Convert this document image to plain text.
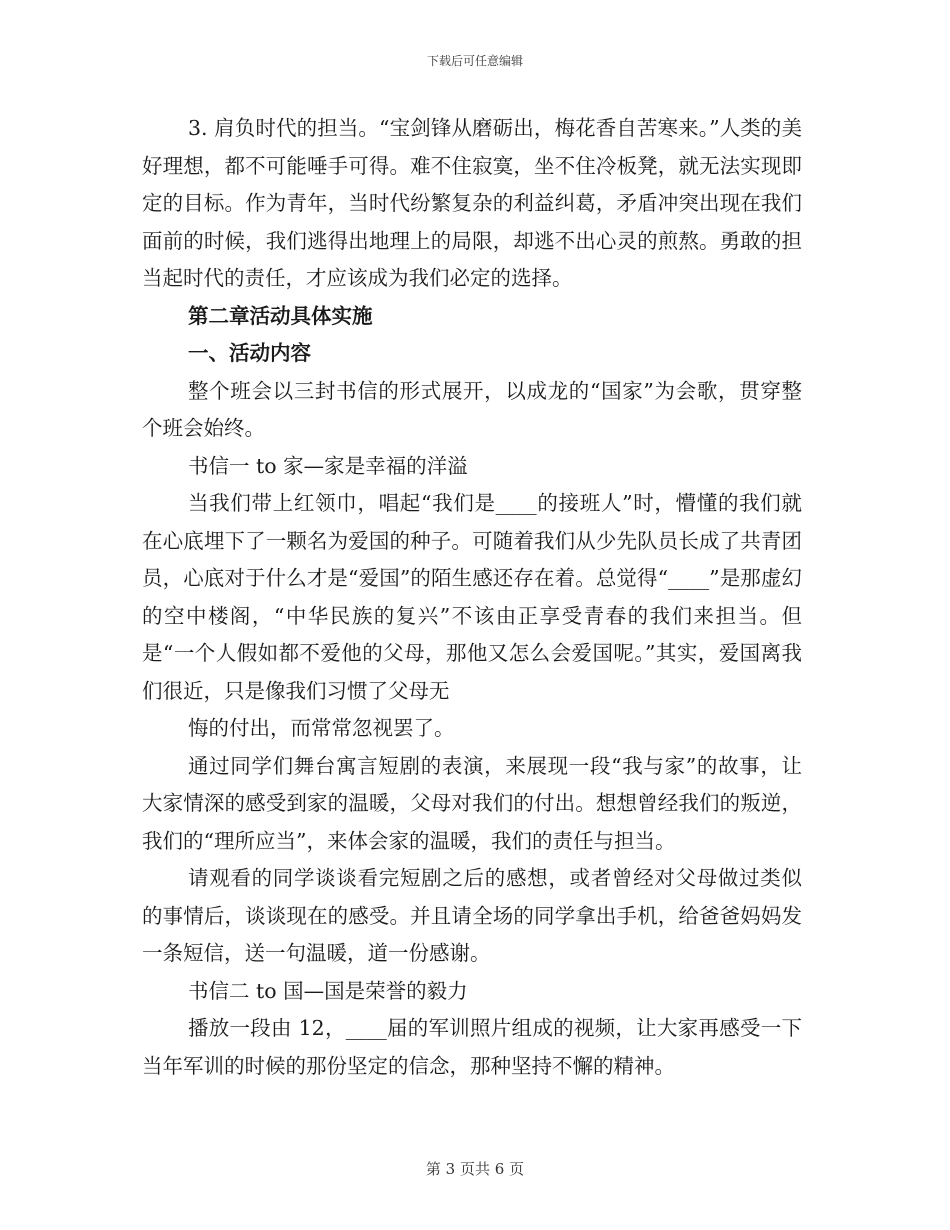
下载后可任意编辑

3. 肩负时代的担当。“宝剑锋从磨砺出，梅花香自苦寒来。”人类的美好理想，都不可能唾手可得。难不住寂寞，坐不住冷板凳，就无法实现即定的目标。作为青年，当时代纷繁复杂的利益纠葛，矛盾冲突出现在我们面前的时候，我们逃得出地理上的局限，却逃不出心灵的煎熬。勇敢的担当起时代的责任，才应该成为我们必定的选择。

第二章活动具体实施

一、活动内容

整个班会以三封书信的形式展开，以成龙的“国家”为会歌，贯穿整个班会始终。

书信一 to 家—家是幸福的洋溢

当我们带上红领巾，唱起“我们是____的接班人”时，懵懂的我们就在心底埋下了一颗名为爱国的种子。可随着我们从少先队员长成了共青团员，心底对于什么才是“爱国”的陌生感还存在着。总觉得“____”是那虚幻的空中楼阁，“中华民族的复兴”不该由正享受青春的我们来担当。但是“一个人假如都不爱他的父母，那他又怎么会爱国呢。”其实，爱国离我们很近，只是像我们习惯了父母无

悔的付出，而常常忽视罢了。

通过同学们舞台寓言短剧的表演，来展现一段“我与家”的故事，让大家情深的感受到家的温暖，父母对我们的付出。想想曾经我们的叛逆，我们的“理所应当”，来体会家的温暖，我们的责任与担当。

请观看的同学谈谈看完短剧之后的感想，或者曾经对父母做过类似的事情后，谈谈现在的感受。并且请全场的同学拿出手机，给爸爸妈妈发一条短信，送一句温暖，道一份感谢。

书信二 to 国—国是荣誉的毅力

播放一段由 12，____届的军训照片组成的视频，让大家再感受一下当年军训的时候的那份坚定的信念，那种坚持不懈的精神。

第 3 页共 6 页
